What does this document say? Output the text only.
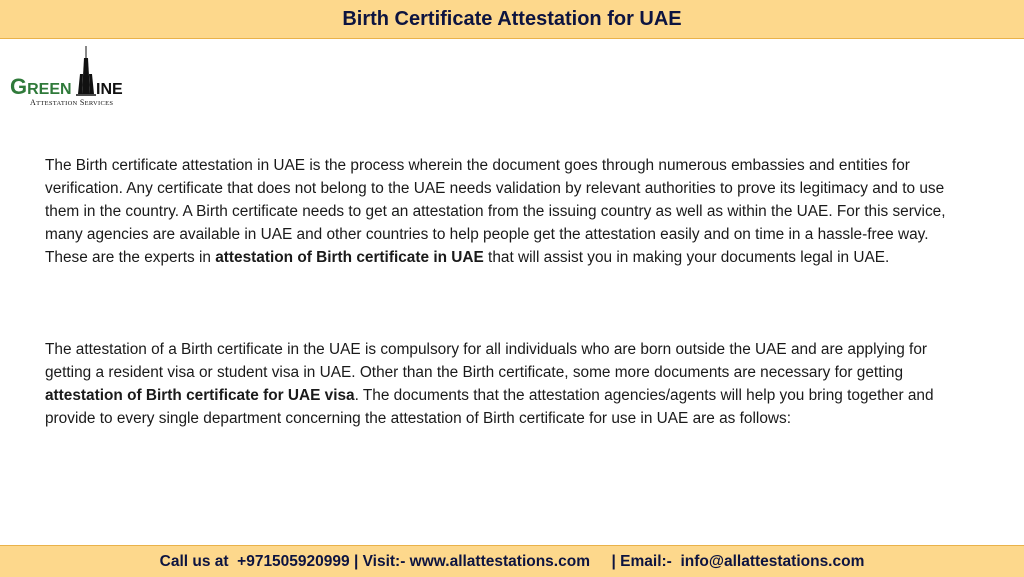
Birth Certificate Attestation for UAE
GREEN INE
ATTESTATION SERVICES
The Birth certificate attestation in UAE is the process wherein the document goes through numerous embassies and entities for verification. Any certificate that does not belong to the UAE needs validation by relevant authorities to prove its legitimacy and to use them in the country. A Birth certificate needs to get an attestation from the issuing country as well as within the UAE. For this service, many agencies are available in UAE and other countries to help people get the attestation easily and on time in a hassle-free way. These are the experts in attestation of Birth certificate in UAE that will assist you in making your documents legal in UAE.
The attestation of a Birth certificate in the UAE is compulsory for all individuals who are born outside the UAE and are applying for getting a resident visa or student visa in UAE. Other than the Birth certificate, some more documents are necessary for getting attestation of Birth certificate for UAE visa. The documents that the attestation agencies/agents will help you bring together and provide to every single department concerning the attestation of Birth certificate for use in UAE are as follows:
Call us at  +971505920999 | Visit:- www.allattestations.com     | Email:-  info@allattestations.com
